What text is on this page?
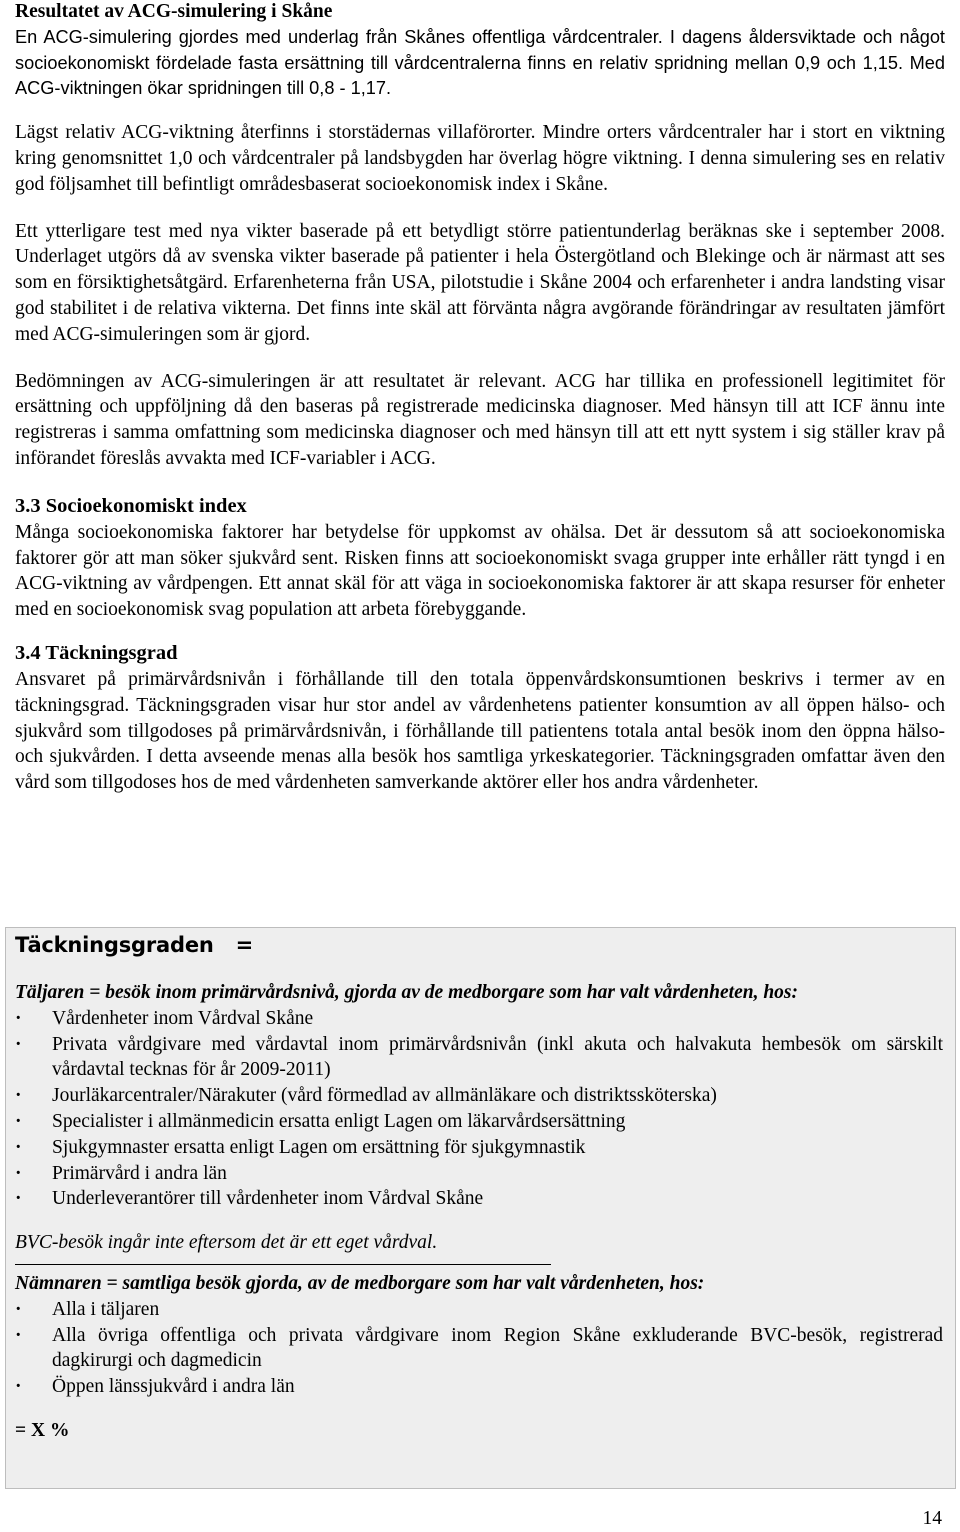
Resultatet av ACG-simulering i Skåne

En ACG-simulering gjordes med underlag från Skånes offentliga vårdcentraler. I dagens åldersviktade och något socioekonomiskt fördelade fasta ersättning till vårdcentralerna finns en relativ spridning mellan 0,9 och 1,15. Med ACG-viktningen ökar spridningen till 0,8 - 1,17.

Lägst relativ ACG-viktning återfinns i storstädernas villaförorter. Mindre orters vårdcentraler har i stort en viktning kring genomsnittet 1,0 och vårdcentraler på landsbygden har överlag högre viktning. I denna simulering ses en relativ god följsamhet till befintligt områdesbaserat socioekonomisk index i Skåne.

Ett ytterligare test med nya vikter baserade på ett betydligt större patientunderlag beräknas ske i september 2008. Underlaget utgörs då av svenska vikter baserade på patienter i hela Östergötland och Blekinge och är närmast att ses som en försiktighetsåtgärd. Erfarenheterna från USA, pilotstudie i Skåne 2004 och erfarenheter i andra landsting visar god stabilitet i de relativa vikterna. Det finns inte skäl att förvänta några avgörande förändringar av resultaten jämfört med ACG-simuleringen som är gjord.

Bedömningen av ACG-simuleringen är att resultatet är relevant. ACG har tillika en professionell legitimitet för ersättning och uppföljning då den baseras på registrerade medicinska diagnoser. Med hänsyn till att ICF ännu inte registreras i samma omfattning som medicinska diagnoser och med hänsyn till att ett nytt system i sig ställer krav på införandet föreslås avvakta med ICF-variabler i ACG.

3.3 Socioekonomiskt index

Många socioekonomiska faktorer har betydelse för uppkomst av ohälsa. Det är dessutom så att socioekonomiska faktorer gör att man söker sjukvård sent. Risken finns att socioekonomiskt svaga grupper inte erhåller rätt tyngd i en ACG-viktning av vårdpengen. Ett annat skäl för att väga in socioekonomiska faktorer är att skapa resurser för enheter med en socioekonomisk svag population att arbeta förebyggande.

3.4 Täckningsgrad

Ansvaret på primärvårdsnivån i förhållande till den totala öppenvårdskonsumtionen beskrivs i termer av en täckningsgrad. Täckningsgraden visar hur stor andel av vårdenhetens patienter konsumtion av all öppen hälso- och sjukvård som tillgodoses på primärvårdsnivån, i förhållande till patientens totala antal besök inom den öppna hälso- och sjukvården. I detta avseende menas alla besök hos samtliga yrkeskategorier. Täckningsgraden omfattar även den vård som tillgodoses hos de med vårdenheten samverkande aktörer eller hos andra vårdenheter.

Täckningsgraden =
Täljaren = besök inom primärvårdsnivå, gjorda av de medborgare som har valt vårdenheten, hos:
· Vårdenheter inom Vårdval Skåne
· Privata vårdgivare med vårdavtal inom primärvårdsnivån (inkl akuta och halvakuta hembesök om särskilt vårdavtal tecknas för år 2009-2011)
· Jourläkarcentraler/Närakuter (vård förmedlad av allmänläkare och distriktssköterska)
· Specialister i allmänmedicin ersatta enligt Lagen om läkarvårdsersättning
· Sjukgymnaster ersatta enligt Lagen om ersättning för sjukgymnastik
· Primärvård i andra län
· Underleverantörer till vårdenheter inom Vårdval Skåne
BVC-besök ingår inte eftersom det är ett eget vårdval.
Nämnaren = samtliga besök gjorda, av de medborgare som har valt vårdenheten, hos:
· Alla i täljaren
· Alla övriga offentliga och privata vårdgivare inom Region Skåne exkluderande BVC-besök, registrerad dagkirurgi och dagmedicin
· Öppen länssjukvård i andra län
= X %
14
